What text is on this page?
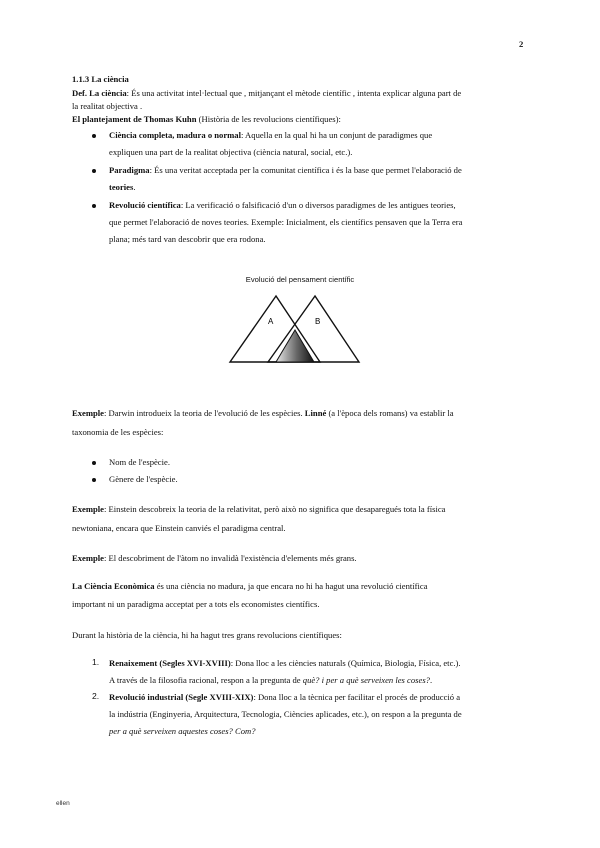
2
1.1.3 La ciència
Def. La ciència: És una activitat intel·lectual que , mitjançant el mètode científic , intenta explicar alguna part de
la realitat objectiva .
El plantejament de Thomas Kuhn (Història de les revolucions científiques):
Ciència completa, madura o normal: Aquella en la qual hi ha un conjunt de paradigmes que
expliquen una part de la realitat objectiva (ciència natural, social, etc.).
Paradigma: És una veritat acceptada per la comunitat científica i és la base que permet l'elaboració de
teories.
Revolució científica: La verificació o falsificació d'un o diversos paradigmes de les antigues teories,
que permet l'elaboració de noves teories. Exemple: Inicialment, els científics pensaven que la Terra era
plana; més tard van descobrir que era rodona.
Evolució del pensament científic
A	B
Exemple: Darwin introdueix la teoria de l'evolució de les espècies. Linné (a l'època dels romans) va establir la
taxonomia de les espècies:
Nom de l'espècie.
Gènere de l'espècie.
Exemple: Einstein descobreix la teoria de la relativitat, però això no significa que desaparegués tota la física
newtoniana, encara que Einstein canviés el paradigma central.
Exemple: El descobriment de l'àtom no invalidà l'existència d'elements més grans.
La Ciència Econòmica és una ciència no madura, ja que encara no hi ha hagut una revolució científica
important ni un paradigma acceptat per a tots els economistes científics.
Durant la història de la ciència, hi ha hagut tres grans revolucions científiques:
1. Renaixement (Segles XVI-XVIII): Dona lloc a les ciències naturals (Química, Biologia, Física, etc.).
A través de la filosofia racional, respon a la pregunta de què? i per a què serveixen les coses?.
2. Revolució industrial (Segle XVIII-XIX): Dona lloc a la tècnica per facilitar el procés de producció a
la indústria (Enginyeria, Arquitectura, Tecnologia, Ciències aplicades, etc.), on respon a la pregunta de
per a què serveixen aquestes coses? Com?
ellen
